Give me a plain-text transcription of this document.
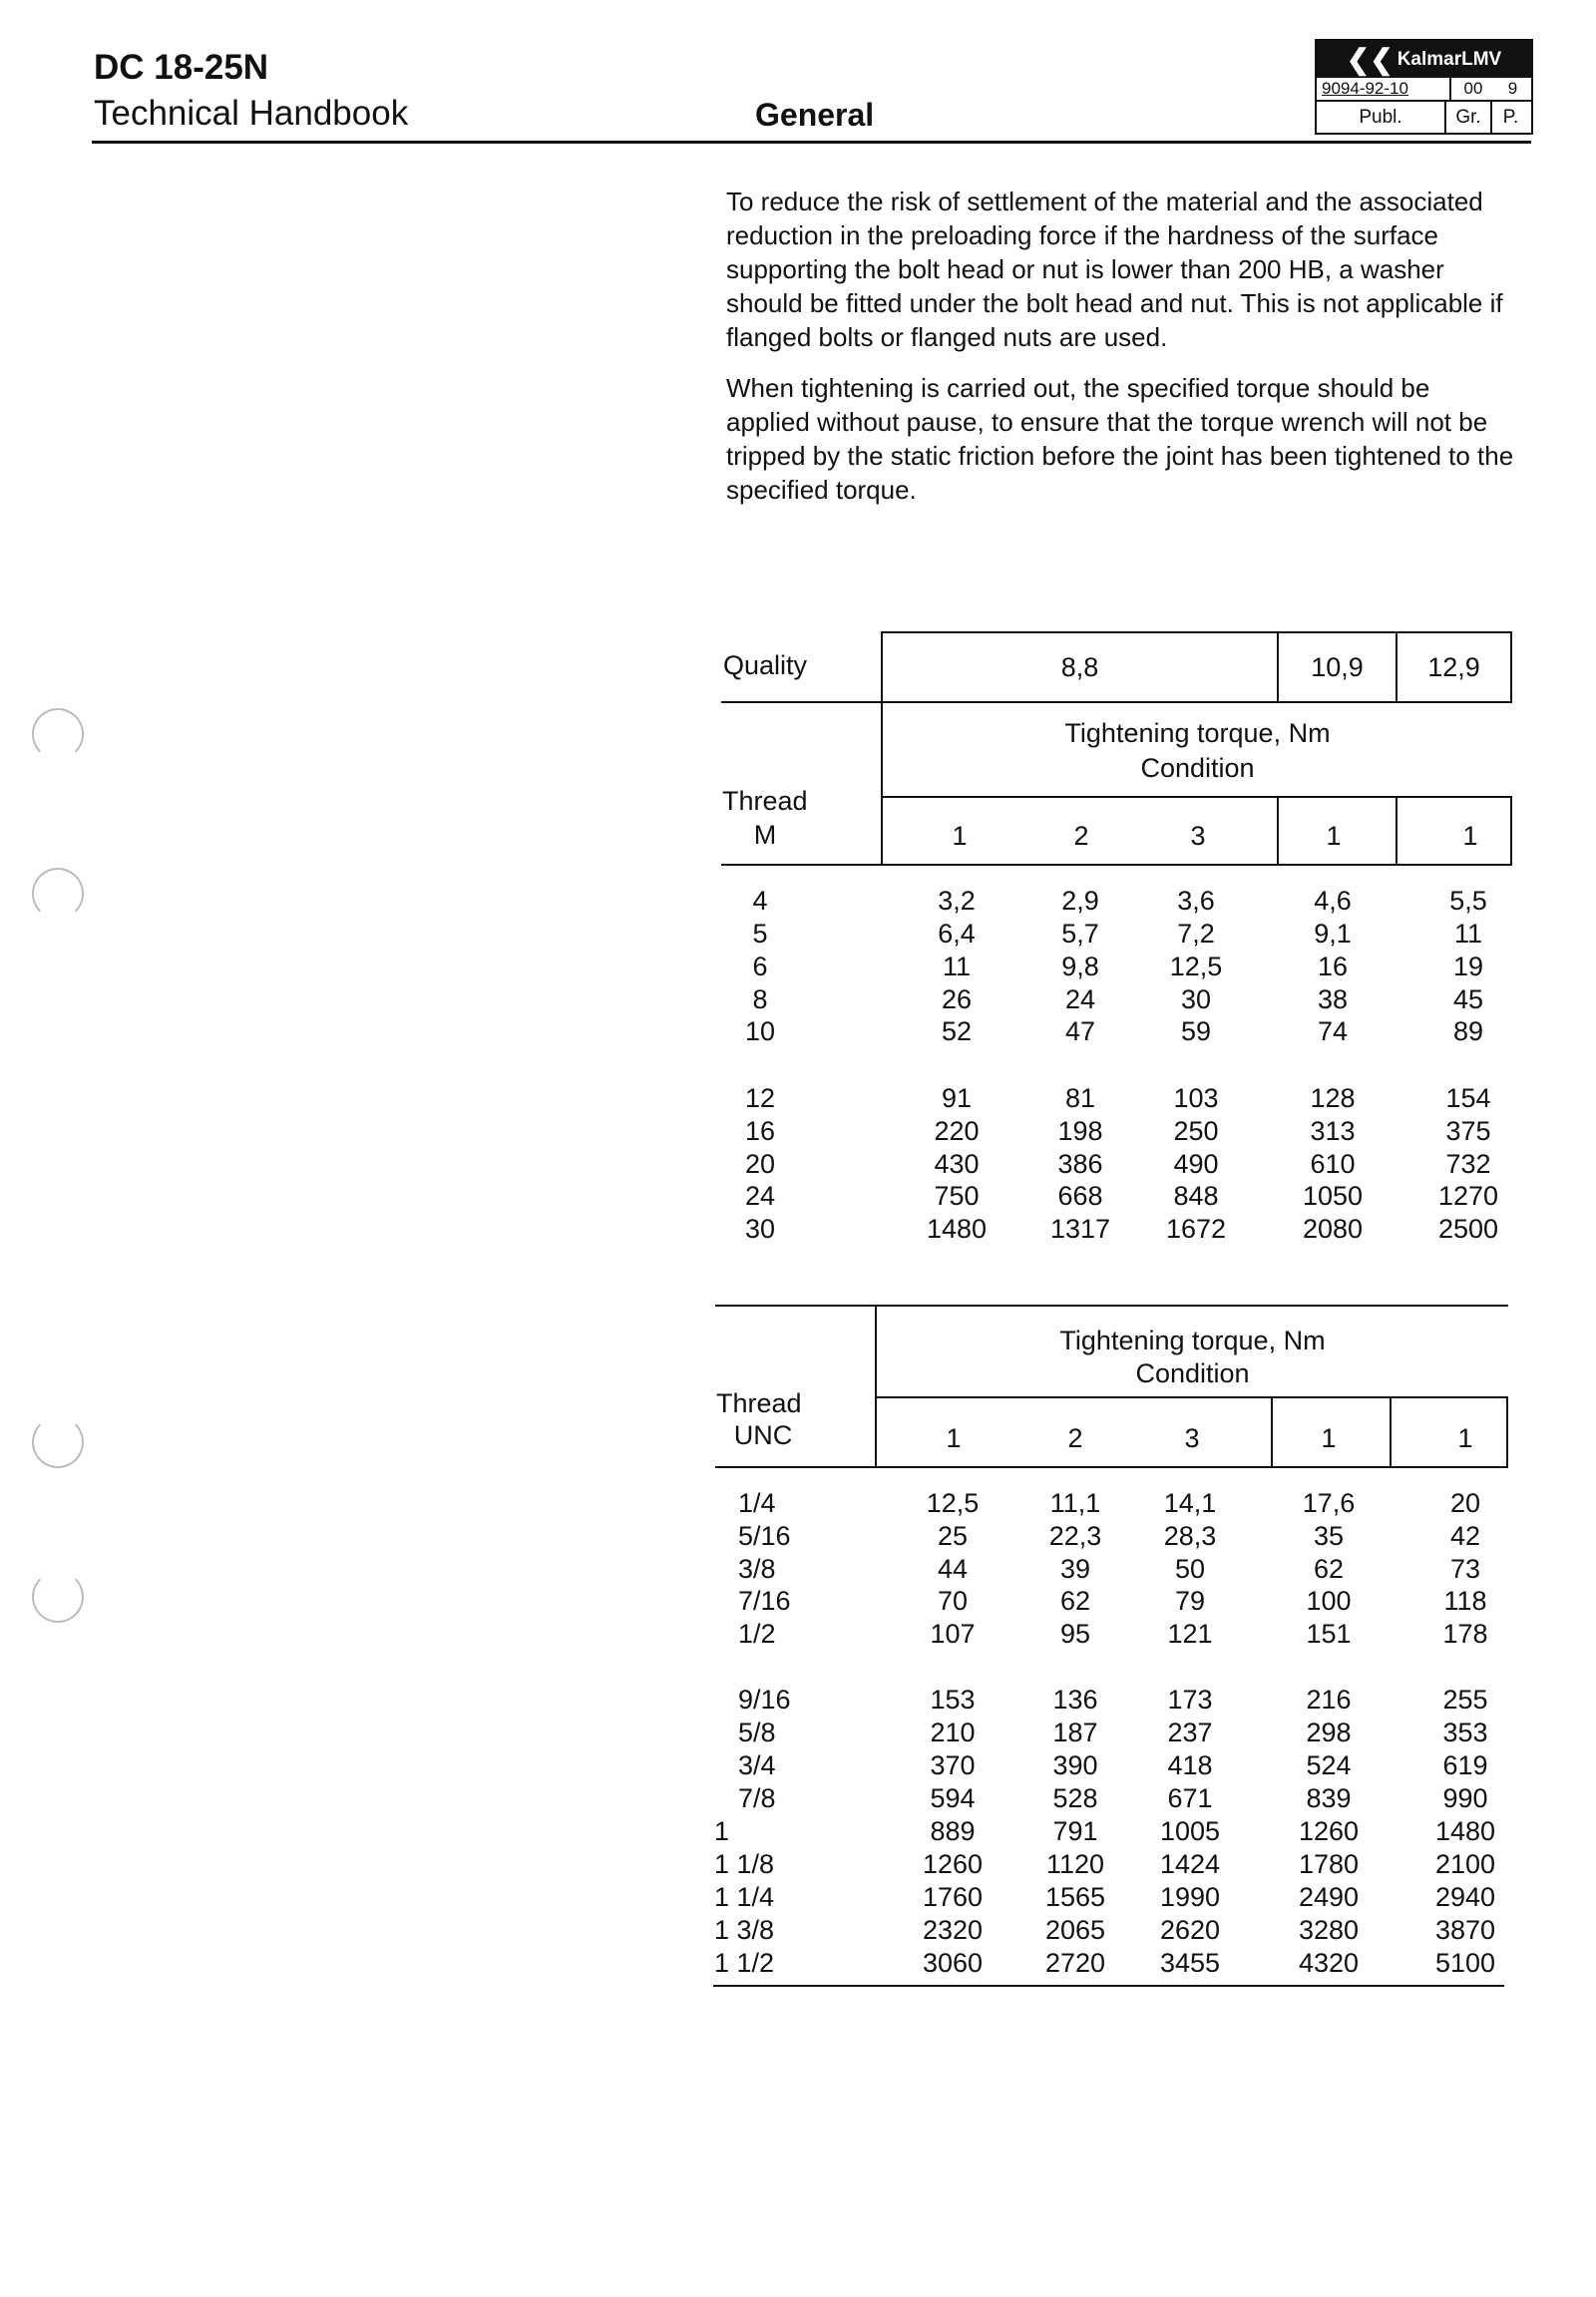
DC 18-25N
Technical Handbook	General
❮❮ KalmarLMV
9094-92-10	00	9
Publ.	Gr.	P.
To reduce the risk of settlement of the material and the associated reduction in the preloading force if the hardness of the surface supporting the bolt head or nut is lower than 200 HB, a washer should be fitted under the bolt head and nut. This is not applicable if flanged bolts or flanged nuts are used.
When tightening is carried out, the specified torque should be applied without pause, to ensure that the torque wrench will not be tripped by the static friction before the joint has been tightened to the specified torque.
Quality	8,8	10,9	12,9
Tightening torque, Nm
Condition
Thread
M	1	2	3	1	1
4	3,2	2,9	3,6	4,6	5,5
5	6,4	5,7	7,2	9,1	11
6	11	9,8	12,5	16	19
8	26	24	30	38	45
10	52	47	59	74	89
12	91	81	103	128	154
16	220	198	250	313	375
20	430	386	490	610	732
24	750	668	848	1050	1270
30	1480	1317	1672	2080	2500
Tightening torque, Nm
Condition
Thread
UNC	1	2	3	1	1
1/4	12,5	11,1	14,1	17,6	20
5/16	25	22,3	28,3	35	42
3/8	44	39	50	62	73
7/16	70	62	79	100	118
1/2	107	95	121	151	178
9/16	153	136	173	216	255
5/8	210	187	237	298	353
3/4	370	390	418	524	619
7/8	594	528	671	839	990
1	889	791	1005	1260	1480
1 1/8	1260	1120	1424	1780	2100
1 1/4	1760	1565	1990	2490	2940
1 3/8	2320	2065	2620	3280	3870
1 1/2	3060	2720	3455	4320	5100
